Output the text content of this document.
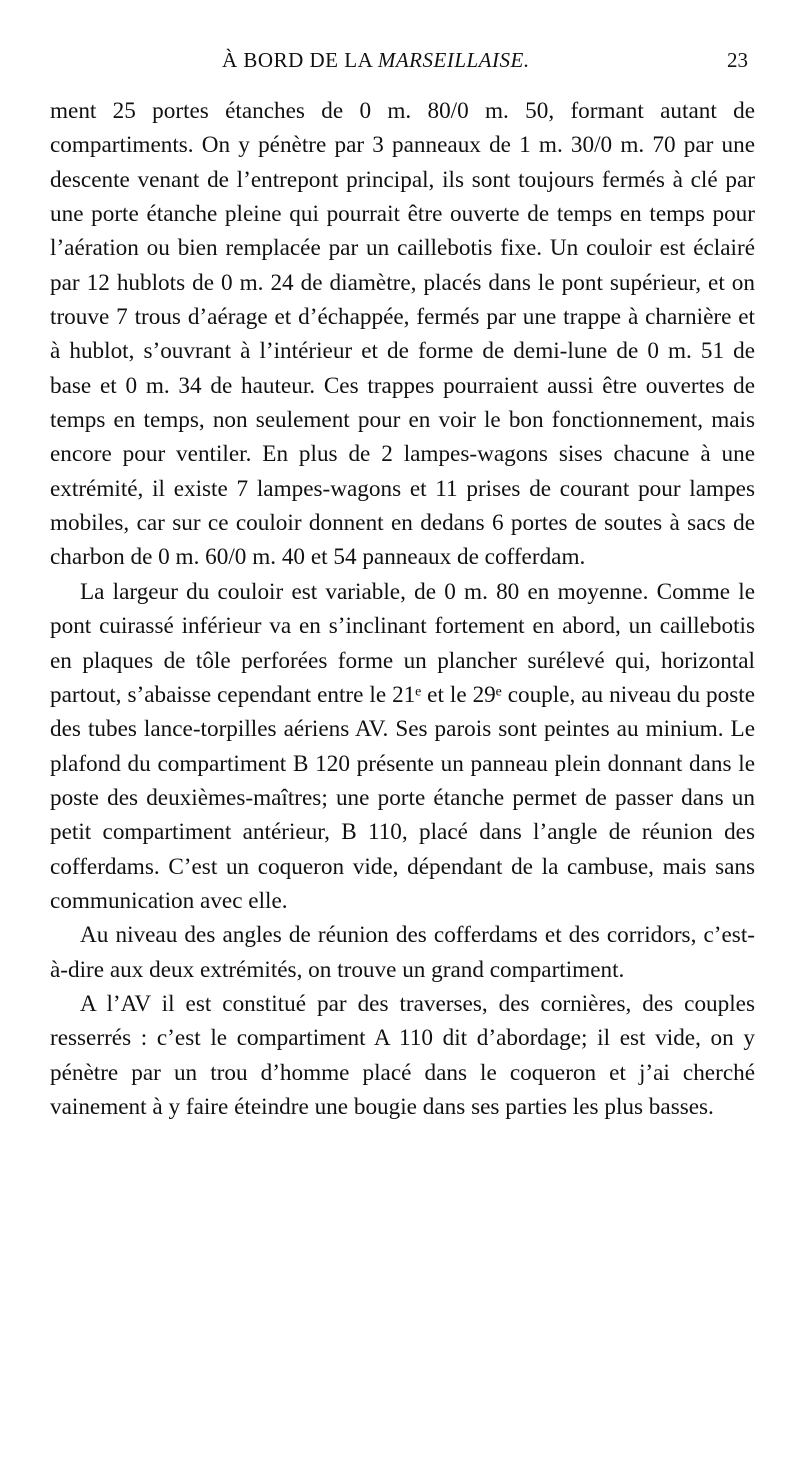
À BORD DE LA MARSEILLAISE.	23

ment 25 portes étanches de 0 m. 80/0 m. 50, formant autant de compartiments. On y pénètre par 3 panneaux de 1 m. 30/0 m. 70 par une descente venant de l’entrepont principal, ils sont toujours fermés à clé par une porte étanche pleine qui pourrait être ouverte de temps en temps pour l’aération ou bien remplacée par un caillebotis fixe. Un couloir est éclairé par 12 hublots de 0 m. 24 de diamètre, placés dans le pont supérieur, et on trouve 7 trous d’aérage et d’échappée, fermés par une trappe à charnière et à hublot, s’ouvrant à l’intérieur et de forme de demi-lune de 0 m. 51 de base et 0 m. 34 de hauteur. Ces trappes pourraient aussi être ouvertes de temps en temps, non seulement pour en voir le bon fonctionnement, mais encore pour ventiler. En plus de 2 lampes-wagons sises chacune à une extrémité, il existe 7 lampes-wagons et 11 prises de courant pour lampes mobiles, car sur ce couloir donnent en dedans 6 portes de soutes à sacs de charbon de 0 m. 60/0 m. 40 et 54 panneaux de cofferdam.

La largeur du couloir est variable, de 0 m. 80 en moyenne. Comme le pont cuirassé inférieur va en s’inclinant fortement en abord, un caillebotis en plaques de tôle perforées forme un plancher surélevé qui, horizontal partout, s’abaisse cependant entre le 21ᵉ et le 29ᵉ couple, au niveau du poste des tubes lance-torpilles aériens AV. Ses parois sont peintes au minium. Le plafond du compartiment B 120 présente un panneau plein donnant dans le poste des deuxièmes-maîtres; une porte étanche permet de passer dans un petit compartiment antérieur, B 110, placé dans l’angle de réunion des cofferdams. C’est un coqueron vide, dépendant de la cambuse, mais sans communication avec elle.

Au niveau des angles de réunion des cofferdams et des corridors, c’est-à-dire aux deux extrémités, on trouve un grand compartiment.

A l’AV il est constitué par des traverses, des cornières, des couples resserrés : c’est le compartiment A 110 dit d’abordage; il est vide, on y pénètre par un trou d’homme placé dans le coqueron et j’ai cherché vainement à y faire éteindre une bougie dans ses parties les plus basses.
